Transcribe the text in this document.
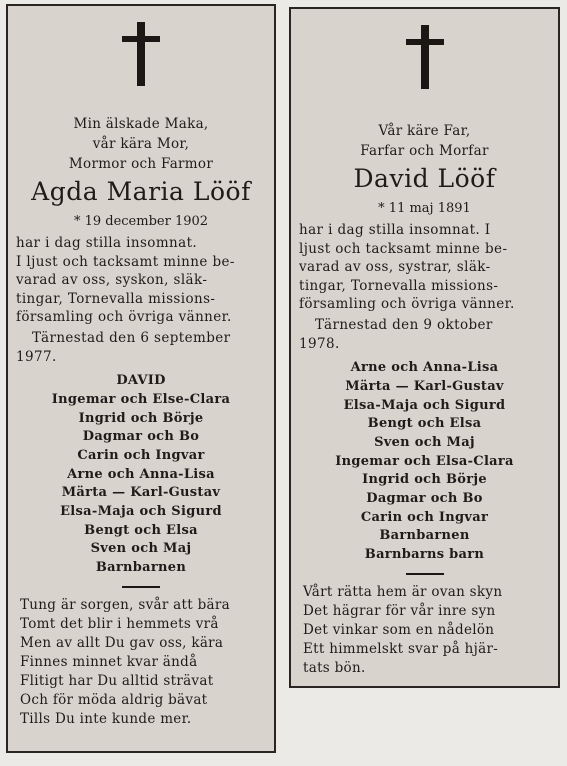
Min älskade Maka,
vår kära Mor,
Mormor och Farmor
Agda Maria Lööf
* 19 december 1902
har i dag stilla insomnat.
I ljust och tacksamt minne be-
varad av oss, syskon, släk-
tingar, Tornevalla missions-
församling och övriga vänner.
Tärnestad den 6 september
1977.
DAVID
Ingemar och Else-Clara
Ingrid och Börje
Dagmar och Bo
Carin och Ingvar
Arne och Anna-Lisa
Märta — Karl-Gustav
Elsa-Maja och Sigurd
Bengt och Elsa
Sven och Maj
Barnbarnen
Tung är sorgen, svår att bära
Tomt det blir i hemmets vrå
Men av allt Du gav oss, kära
Finnes minnet kvar ändå
Flitigt har Du alltid strävat
Och för möda aldrig bävat
Tills Du inte kunde mer.
Vår käre Far,
Farfar och Morfar
David Lööf
* 11 maj 1891
har i dag stilla insomnat. I
ljust och tacksamt minne be-
varad av oss, systrar, släk-
tingar, Tornevalla missions-
församling och övriga vänner.
Tärnestad den 9 oktober
1978.
Arne och Anna-Lisa
Märta — Karl-Gustav
Elsa-Maja och Sigurd
Bengt och Elsa
Sven och Maj
Ingemar och Elsa-Clara
Ingrid och Börje
Dagmar och Bo
Carin och Ingvar
Barnbarnen
Barnbarns barn
Vårt rätta hem är ovan skyn
Det hägrar för vår inre syn
Det vinkar som en nådelön
Ett himmelskt svar på hjär-
tats bön.
